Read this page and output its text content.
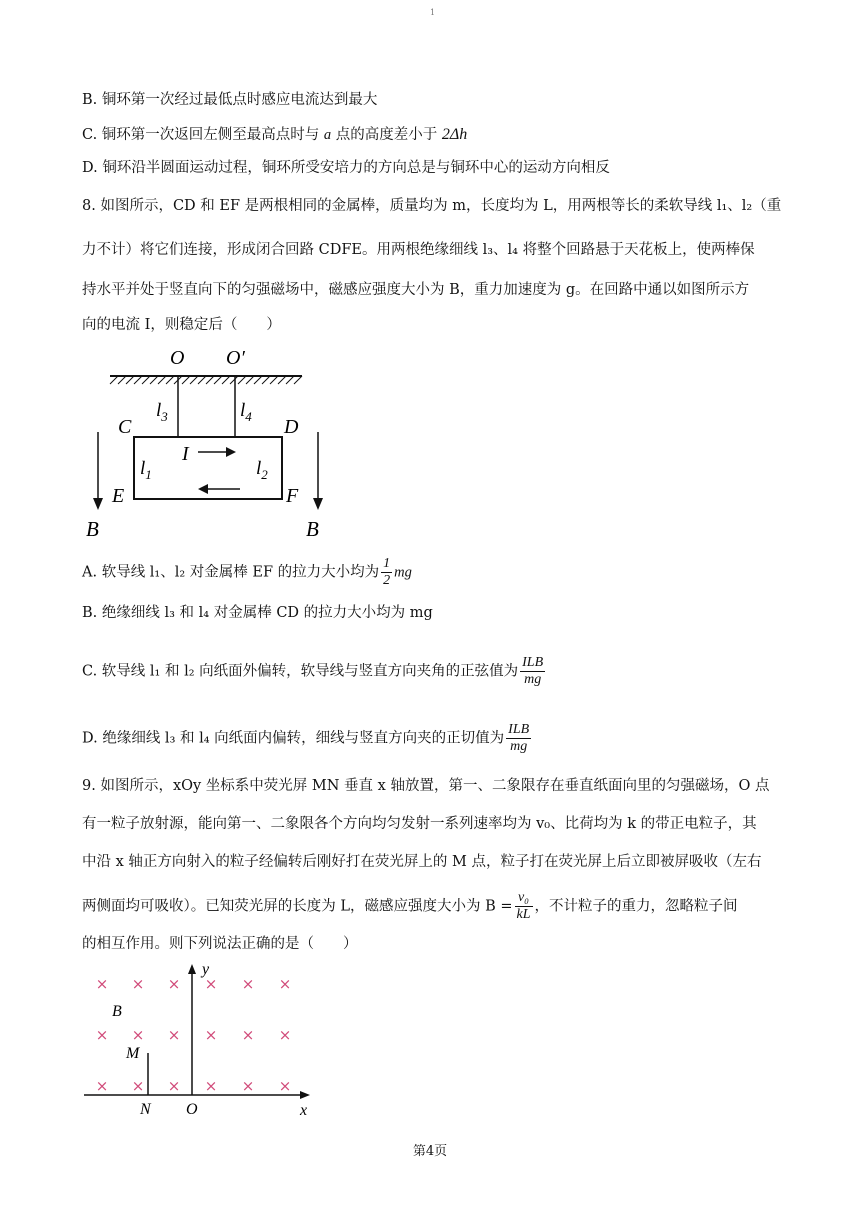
1
B. 铜环第一次经过最低点时感应电流达到最大
C. 铜环第一次返回左侧至最高点时与 a 点的高度差小于 2Δh
D. 铜环沿半圆面运动过程，铜环所受安培力的方向总是与铜环中心的运动方向相反
8. 如图所示，CD 和 EF 是两根相同的金属棒，质量均为 m，长度均为 L，用两根等长的柔软导线 l₁、l₂（重
力不计）将它们连接，形成闭合回路 CDFE。用两根绝缘细线 l₃、l₄ 将整个回路悬于天花板上，使两棒保
持水平并处于竖直向下的匀强磁场中，磁感应强度大小为 B，重力加速度为 g。在回路中通以如图所示方
向的电流 I，则稳定后（　　）
O O′
$l_3$	$l_4$
C	D
E	F
$l_1$	$l_2$
I
B	B
A. 软导线 l₁、l₂ 对金属棒 EF 的拉力大小均为 $\frac{1}{2}$ mg
B. 绝缘细线 l₃ 和 l₄ 对金属棒 CD 的拉力大小均为 mg
C. 软导线 l₁ 和 l₂ 向纸面外偏转，软导线与竖直方向夹角的正弦值为 $\frac{\text{ILB}}{mg}$
D. 绝缘细线 l₃ 和 l₄ 向纸面内偏转，细线与竖直方向夹的正切值为 $\frac{\text{ILB}}{mg}$
9. 如图所示，xOy 坐标系中荧光屏 MN 垂直 x 轴放置，第一、二象限存在垂直纸面向里的匀强磁场，O 点
有一粒子放射源，能向第一、二象限各个方向均匀发射一系列速率均为 v₀、比荷均为 k 的带正电粒子，其
中沿 x 轴正方向射入的粒子经偏转后刚好打在荧光屏上的 M 点，粒子打在荧光屏上后立即被屏吸收（左右
两侧面均可吸收）。已知荧光屏的长度为 L，磁感应强度大小为 $B = \frac{\text{v₀}}{kL}$ ，不计粒子的重力，忽略粒子间
的相互作用。则下列说法正确的是（　　）
x
y
M
N O
B
× × × × × ×
× × × × × ×
× × × × × ×
第4页
